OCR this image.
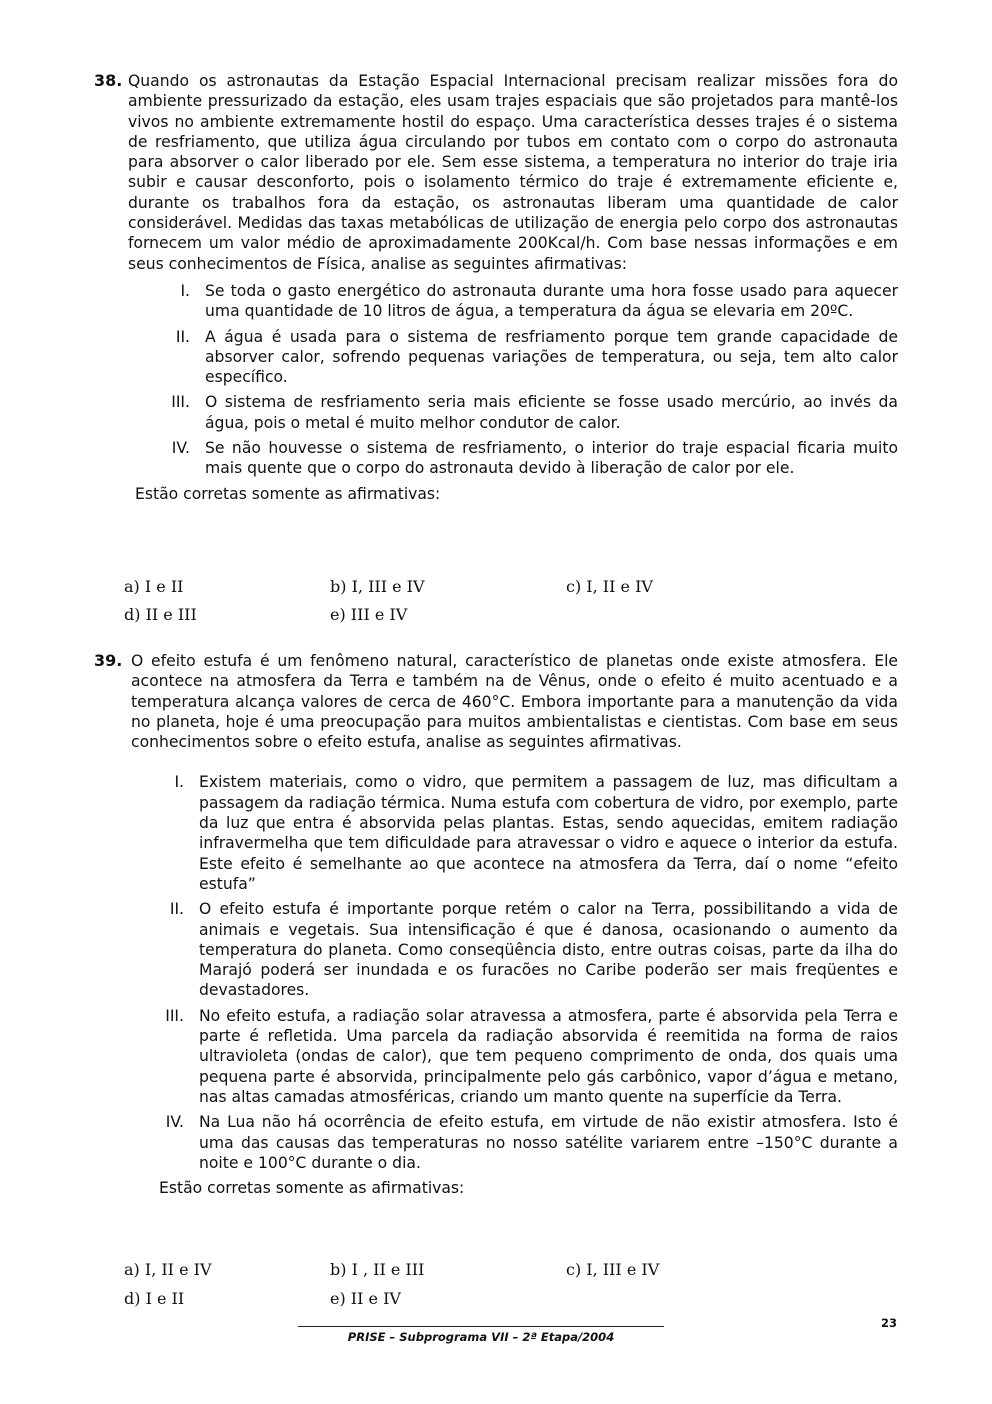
38. Quando os astronautas da Estação Espacial Internacional precisam realizar missões fora do ambiente pressurizado da estação, eles usam trajes espaciais que são projetados para mantê-los vivos no ambiente extremamente hostil do espaço. Uma característica desses trajes é o sistema de resfriamento, que utiliza água circulando por tubos em contato com o corpo do astronauta para absorver o calor liberado por ele. Sem esse sistema, a temperatura no interior do traje iria subir e causar desconforto, pois o isolamento térmico do traje é extremamente eficiente e, durante os trabalhos fora da estação, os astronautas liberam uma quantidade de calor considerável. Medidas das taxas metabólicas de utilização de energia pelo corpo dos astronautas fornecem um valor médio de aproximadamente 200Kcal/h. Com base nessas informações e em seus conhecimentos de Física, analise as seguintes afirmativas:
I. Se toda o gasto energético do astronauta durante uma hora fosse usado para aquecer uma quantidade de 10 litros de água, a temperatura da água se elevaria em 20ºC.
II. A água é usada para o sistema de resfriamento porque tem grande capacidade de absorver calor, sofrendo pequenas variações de temperatura, ou seja, tem alto calor específico.
III. O sistema de resfriamento seria mais eficiente se fosse usado mercúrio, ao invés da água, pois o metal é muito melhor condutor de calor.
IV. Se não houvesse o sistema de resfriamento, o interior do traje espacial ficaria muito mais quente que o corpo do astronauta devido à liberação de calor por ele.
Estão corretas somente as afirmativas:
a) I e II	b) I, III e IV	c) I, II e IV
d) II e III	e) III e IV
39. O efeito estufa é um fenômeno natural, característico de planetas onde existe atmosfera. Ele acontece na atmosfera da Terra e também na de Vênus, onde o efeito é muito acentuado e a temperatura alcança valores de cerca de 460°C. Embora importante para a manutenção da vida no planeta, hoje é uma preocupação para muitos ambientalistas e cientistas. Com base em seus conhecimentos sobre o efeito estufa, analise as seguintes afirmativas.
I. Existem materiais, como o vidro, que permitem a passagem de luz, mas dificultam a passagem da radiação térmica. Numa estufa com cobertura de vidro, por exemplo, parte da luz que entra é absorvida pelas plantas. Estas, sendo aquecidas, emitem radiação infravermelha que tem dificuldade para atravessar o vidro e aquece o interior da estufa. Este efeito é semelhante ao que acontece na atmosfera da Terra, daí o nome “efeito estufa”
II. O efeito estufa é importante porque retém o calor na Terra, possibilitando a vida de animais e vegetais. Sua intensificação é que é danosa, ocasionando o aumento da temperatura do planeta. Como conseqüência disto, entre outras coisas, parte da ilha do Marajó poderá ser inundada e os furacões no Caribe poderão ser mais freqüentes e devastadores.
III. No efeito estufa, a radiação solar atravessa a atmosfera, parte é absorvida pela Terra e parte é refletida. Uma parcela da radiação absorvida é reemitida na forma de raios ultravioleta (ondas de calor), que tem pequeno comprimento de onda, dos quais uma pequena parte é absorvida, principalmente pelo gás carbônico, vapor d’água e metano, nas altas camadas atmosféricas, criando um manto quente na superfície da Terra.
IV. Na Lua não há ocorrência de efeito estufa, em virtude de não existir atmosfera. Isto é uma das causas das temperaturas no nosso satélite variarem entre –150°C durante a noite e 100°C durante o dia.
Estão corretas somente as afirmativas:
a) I, II e IV	b) I , II e III	c) I, III e IV
d) I e II	e) II e IV
23
PRISE – Subprograma VII – 2ª Etapa/2004
